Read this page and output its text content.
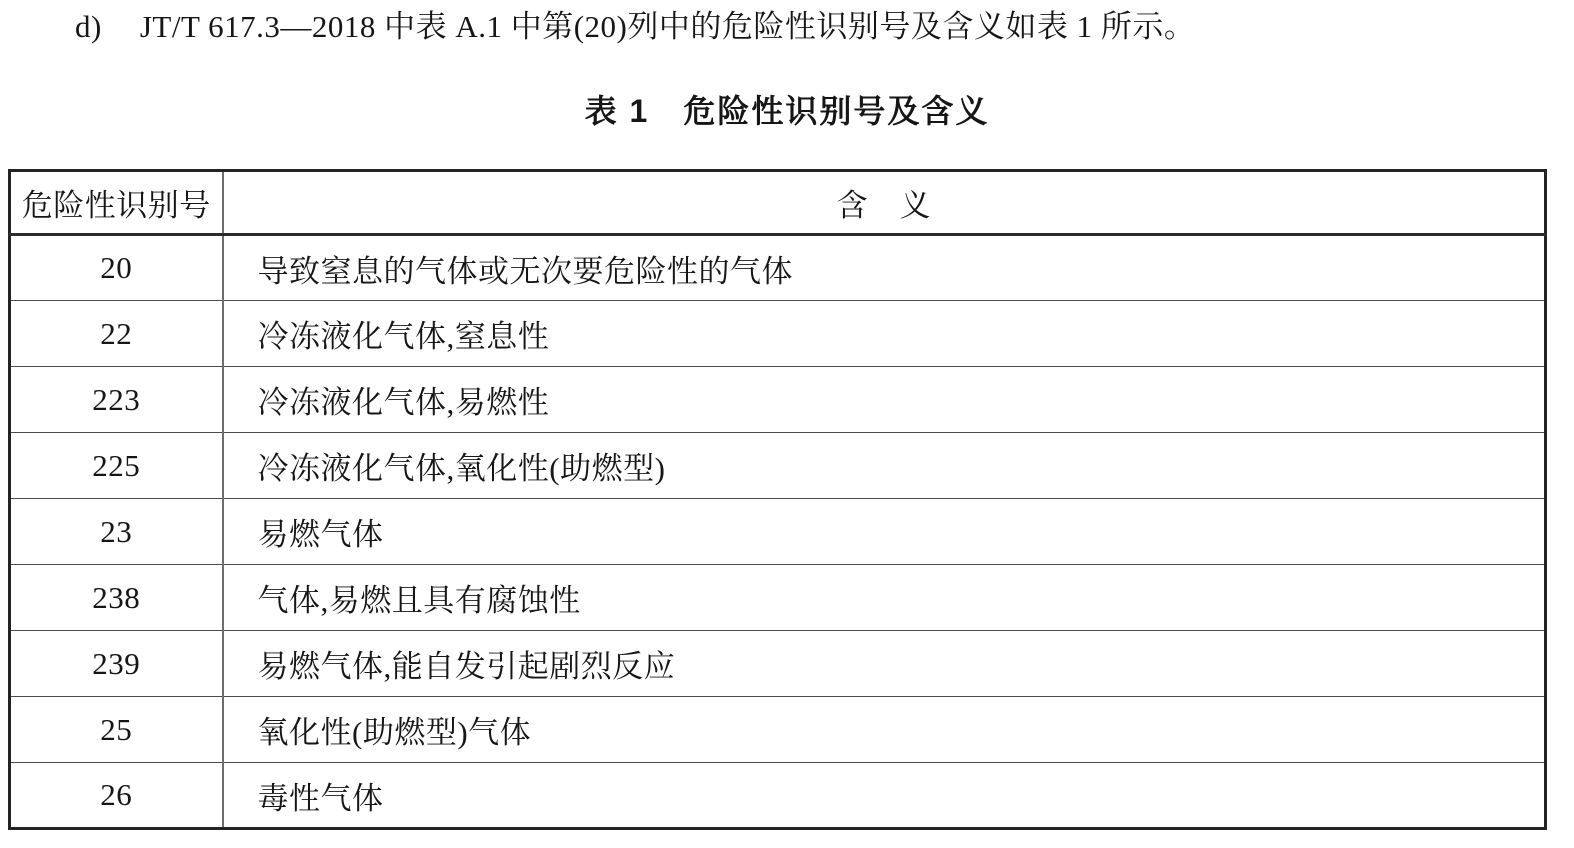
d) JT/T 617.3—2018 中表 A.1 中第(20)列中的危险性识别号及含义如表 1 所示。
表 1　危险性识别号及含义
危险性识别号	含　义
20	导致窒息的气体或无次要危险性的气体
22	冷冻液化气体,窒息性
223	冷冻液化气体,易燃性
225	冷冻液化气体,氧化性(助燃型)
23	易燃气体
238	气体,易燃且具有腐蚀性
239	易燃气体,能自发引起剧烈反应
25	氧化性(助燃型)气体
26	毒性气体
